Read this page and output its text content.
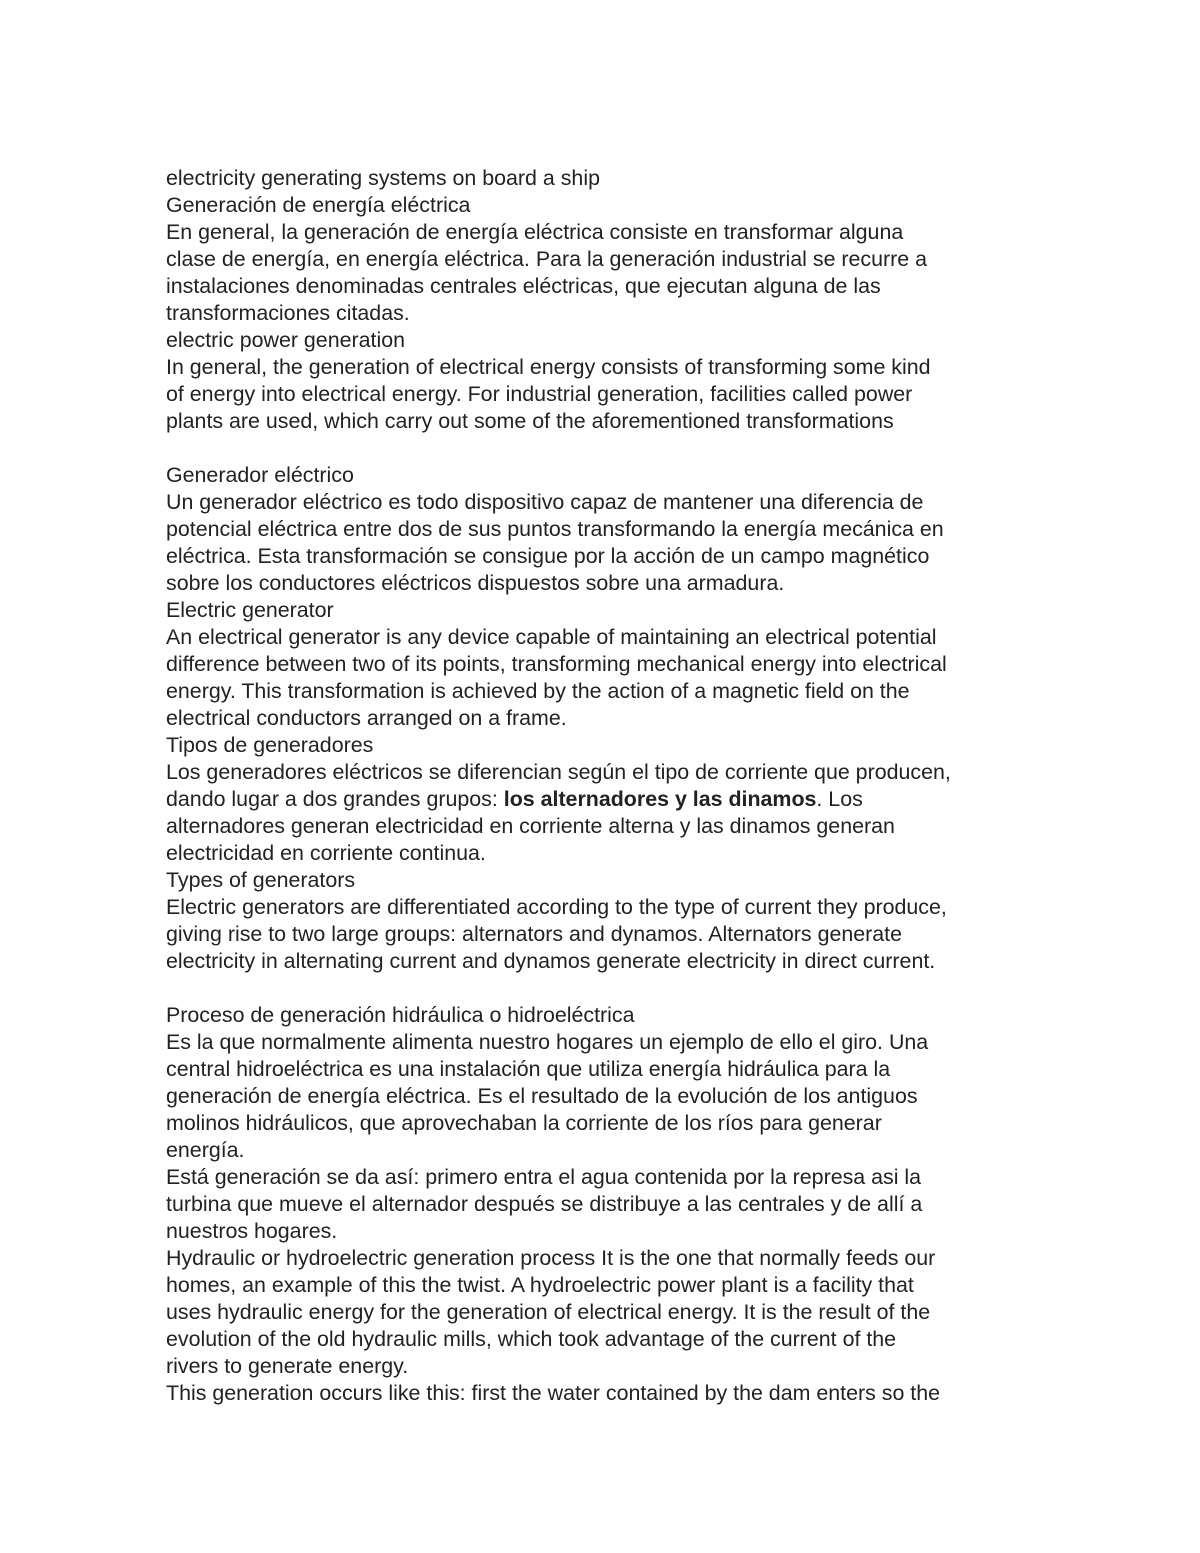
electricity generating systems on board a ship
Generación de energía eléctrica
En general, la generación de energía eléctrica consiste en transformar alguna
clase de energía, en energía eléctrica. Para la generación industrial se recurre a
instalaciones denominadas centrales eléctricas, que ejecutan alguna de las
transformaciones citadas.
electric power generation
In general, the generation of electrical energy consists of transforming some kind
of energy into electrical energy. For industrial generation, facilities called power
plants are used, which carry out some of the aforementioned transformations
Generador eléctrico
Un generador eléctrico es todo dispositivo capaz de mantener una diferencia de
potencial eléctrica entre dos de sus puntos transformando la energía mecánica en
eléctrica. Esta transformación se consigue por la acción de un campo magnético
sobre los conductores eléctricos dispuestos sobre una armadura.
Electric generator
An electrical generator is any device capable of maintaining an electrical potential
difference between two of its points, transforming mechanical energy into electrical
energy. This transformation is achieved by the action of a magnetic field on the
electrical conductors arranged on a frame.
Tipos de generadores
Los generadores eléctricos se diferencian según el tipo de corriente que producen,
dando lugar a dos grandes grupos: los alternadores y las dinamos. Los
alternadores generan electricidad en corriente alterna y las dinamos generan
electricidad en corriente continua.
Types of generators
Electric generators are differentiated according to the type of current they produce,
giving rise to two large groups: alternators and dynamos. Alternators generate
electricity in alternating current and dynamos generate electricity in direct current.
Proceso de generación hidráulica o hidroeléctrica
Es la que normalmente alimenta nuestro hogares un ejemplo de ello el giro. Una
central hidroeléctrica es una instalación que utiliza energía hidráulica para la
generación de energía eléctrica. Es el resultado de la evolución de los antiguos
molinos hidráulicos, que aprovechaban la corriente de los ríos para generar
energía.
Está generación se da así: primero entra el agua contenida por la represa asi la
turbina que mueve el alternador después se distribuye a las centrales y de allí a
nuestros hogares.
Hydraulic or hydroelectric generation process It is the one that normally feeds our
homes, an example of this the twist. A hydroelectric power plant is a facility that
uses hydraulic energy for the generation of electrical energy. It is the result of the
evolution of the old hydraulic mills, which took advantage of the current of the
rivers to generate energy.
This generation occurs like this: first the water contained by the dam enters so the
